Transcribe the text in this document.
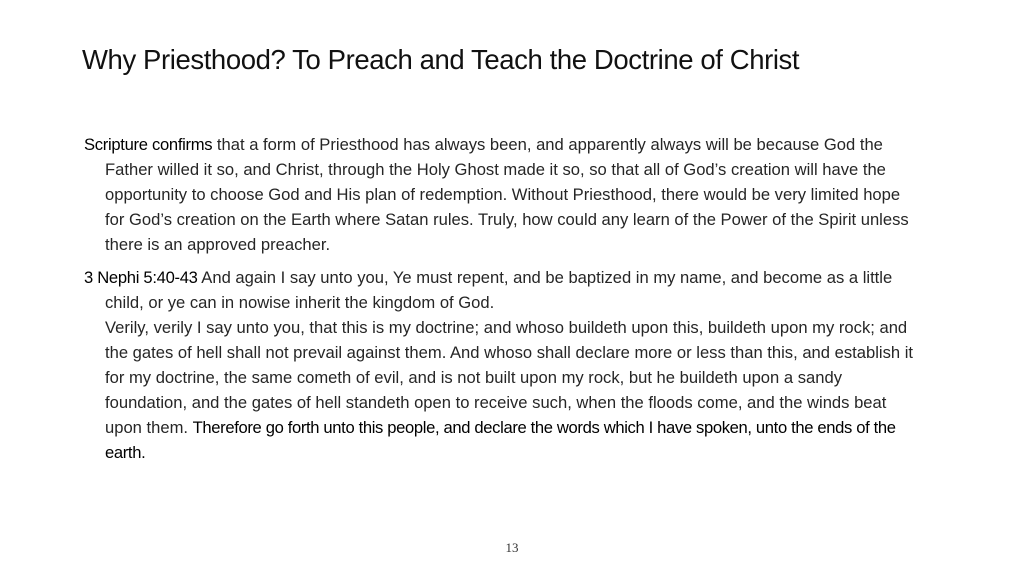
Why Priesthood? To Preach and Teach the Doctrine of Christ

Scripture confirms that a form of Priesthood has always been, and apparently always will be because God the Father willed it so, and Christ, through the Holy Ghost made it so, so that all of God’s creation will have the opportunity to choose God and His plan of redemption. Without Priesthood, there would be very limited hope for God’s creation on the Earth where Satan rules. Truly, how could any learn of the Power of the Spirit unless there is an approved preacher.

3 Nephi 5:40-43 And again I say unto you, Ye must repent, and be baptized in my name, and become as a little child, or ye can in nowise inherit the kingdom of God.
Verily, verily I say unto you, that this is my doctrine; and whoso buildeth upon this, buildeth upon my rock; and the gates of hell shall not prevail against them. And whoso shall declare more or less than this, and establish it for my doctrine, the same cometh of evil, and is not built upon my rock, but he buildeth upon a sandy foundation, and the gates of hell standeth open to receive such, when the floods come, and the winds beat upon them. Therefore go forth unto this people, and declare the words which I have spoken, unto the ends of the earth.

13
